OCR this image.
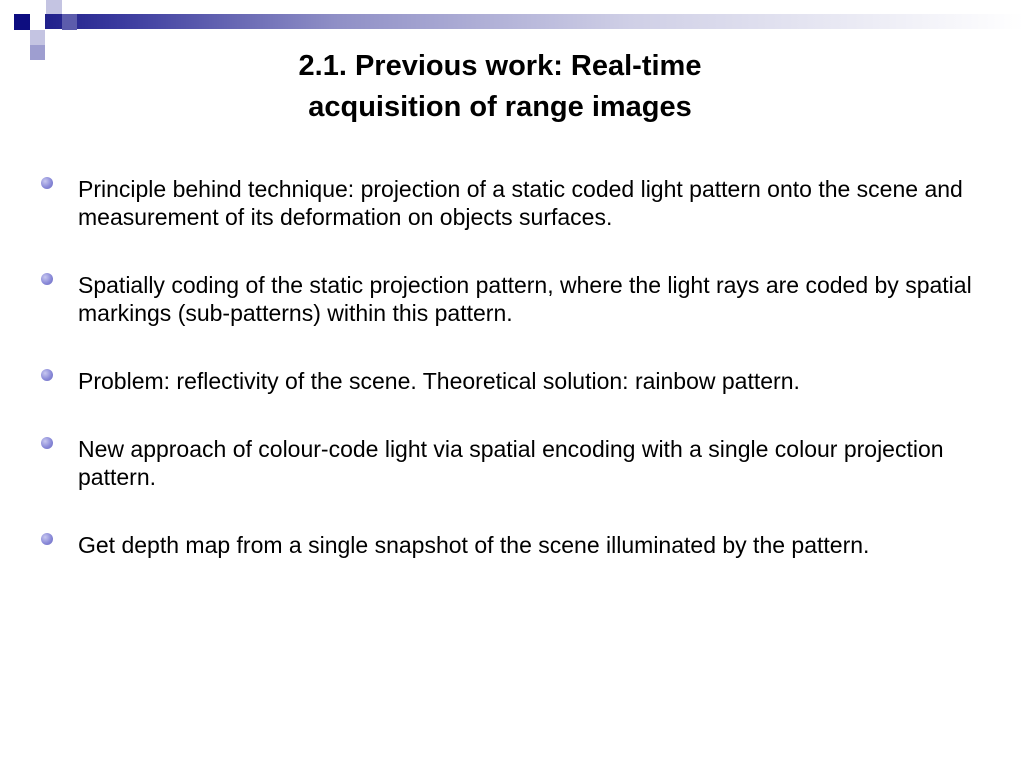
2.1. Previous work: Real-time
acquisition of range images
Principle behind technique: projection of a static coded light pattern onto the scene and measurement of its deformation on objects surfaces.
Spatially coding of the static projection pattern, where the light rays are coded by spatial markings (sub-patterns) within this pattern.
Problem: reflectivity of the scene. Theoretical solution: rainbow pattern.
New approach of colour-code light via spatial encoding with a single colour projection pattern.
Get depth map from a single snapshot of the scene illuminated by the pattern.
